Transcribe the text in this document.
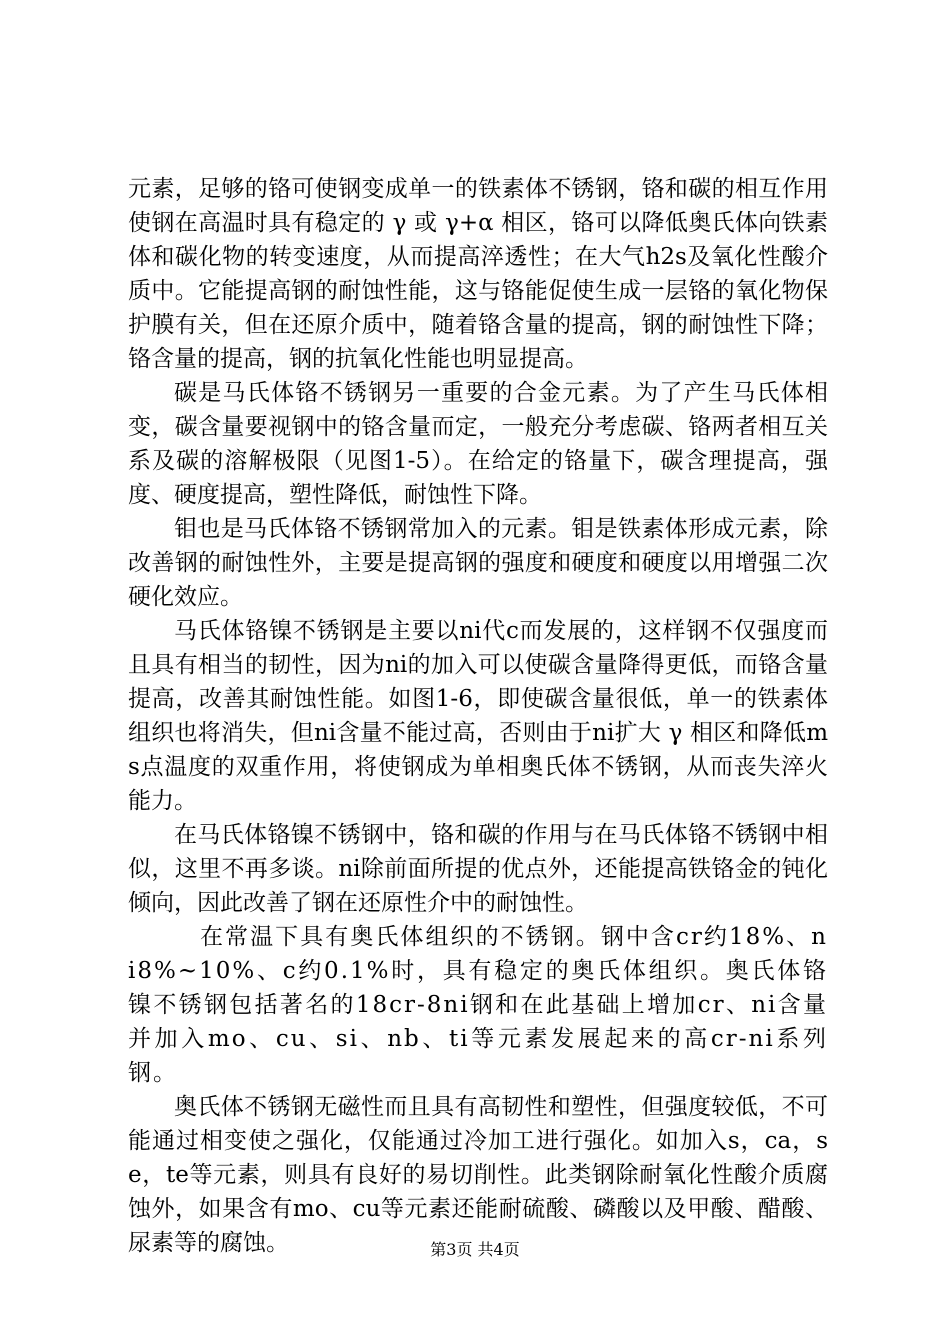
元素，足够的铬可使钢变成单一的铁素体不锈钢，铬和碳的相互作用使钢在高温时具有稳定的 γ 或 γ+α 相区，铬可以降低奥氏体向铁素体和碳化物的转变速度，从而提高淬透性；在大气h2s及氧化性酸介质中。它能提高钢的耐蚀性能，这与铬能促使生成一层铬的氧化物保护膜有关，但在还原介质中，随着铬含量的提高，钢的耐蚀性下降；铬含量的提高，钢的抗氧化性能也明显提高。

碳是马氏体铬不锈钢另一重要的合金元素。为了产生马氏体相变，碳含量要视钢中的铬含量而定，一般充分考虑碳、铬两者相互关系及碳的溶解极限（见图1-5）。在给定的铬量下，碳含理提高，强度、硬度提高，塑性降低，耐蚀性下降。

钼也是马氏体铬不锈钢常加入的元素。钼是铁素体形成元素，除改善钢的耐蚀性外，主要是提高钢的强度和硬度和硬度以用增强二次硬化效应。

马氏体铬镍不锈钢是主要以ni代c而发展的，这样钢不仅强度而且具有相当的韧性，因为ni的加入可以使碳含量降得更低，而铬含量提高，改善其耐蚀性能。如图1-6，即使碳含量很低，单一的铁素体组织也将消失，但ni含量不能过高，否则由于ni扩大 γ 相区和降低ms点温度的双重作用，将使钢成为单相奥氏体不锈钢，从而丧失淬火能力。

在马氏体铬镍不锈钢中，铬和碳的作用与在马氏体铬不锈钢中相似，这里不再多谈。ni除前面所提的优点外，还能提高铁铬金的钝化倾向，因此改善了钢在还原性介中的耐蚀性。

在常温下具有奥氏体组织的不锈钢。钢中含cr约18%、ni8%~10%、c约0.1%时，具有稳定的奥氏体组织。奥氏体铬镍不锈钢包括著名的18cr-8ni钢和在此基础上增加cr、ni含量并加入mo、cu、si、nb、ti等元素发展起来的高cr-ni系列钢。

奥氏体不锈钢无磁性而且具有高韧性和塑性，但强度较低，不可能通过相变使之强化，仅能通过冷加工进行强化。如加入s，ca，se，te等元素，则具有良好的易切削性。此类钢除耐氧化性酸介质腐蚀外，如果含有mo、cu等元素还能耐硫酸、磷酸以及甲酸、醋酸、尿素等的腐蚀。	第3页 共4页
